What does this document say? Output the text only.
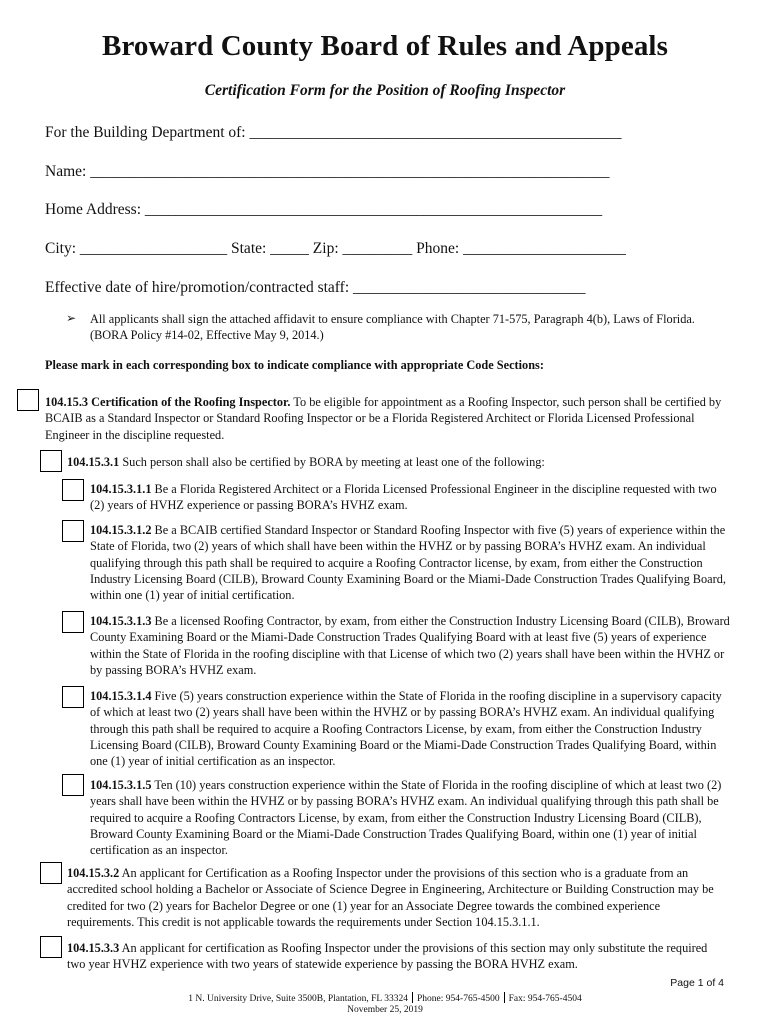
Broward County Board of Rules and Appeals
Certification Form for the Position of Roofing Inspector
For the Building Department of: ________________________________________________
Name: ___________________________________________________________________
Home Address: ___________________________________________________________
City: ___________________ State: _____ Zip: _________ Phone: _____________________
Effective date of hire/promotion/contracted staff: ______________________________
➢ All applicants shall sign the attached affidavit to ensure compliance with Chapter 71-575, Paragraph 4(b), Laws of Florida. (BORA Policy #14-02, Effective May 9, 2014.)
Please mark in each corresponding box to indicate compliance with appropriate Code Sections:
104.15.3 Certification of the Roofing Inspector. To be eligible for appointment as a Roofing Inspector, such person shall be certified by BCAIB as a Standard Inspector or Standard Roofing Inspector or be a Florida Registered Architect or Florida Licensed Professional Engineer in the discipline requested.
104.15.3.1 Such person shall also be certified by BORA by meeting at least one of the following:
104.15.3.1.1 Be a Florida Registered Architect or a Florida Licensed Professional Engineer in the discipline requested with two (2) years of HVHZ experience or passing BORA’s HVHZ exam.
104.15.3.1.2 Be a BCAIB certified Standard Inspector or Standard Roofing Inspector with five (5) years of experience within the State of Florida, two (2) years of which shall have been within the HVHZ or by passing BORA’s HVHZ exam. An individual qualifying through this path shall be required to acquire a Roofing Contractor license, by exam, from either the Construction Industry Licensing Board (CILB), Broward County Examining Board or the Miami-Dade Construction Trades Qualifying Board, within one (1) year of initial certification.
104.15.3.1.3 Be a licensed Roofing Contractor, by exam, from either the Construction Industry Licensing Board (CILB), Broward County Examining Board or the Miami-Dade Construction Trades Qualifying Board with at least five (5) years of experience within the State of Florida in the roofing discipline with that License of which two (2) years shall have been within the HVHZ or by passing BORA’s HVHZ exam.
104.15.3.1.4 Five (5) years construction experience within the State of Florida in the roofing discipline in a supervisory capacity of which at least two (2) years shall have been within the HVHZ or by passing BORA’s HVHZ exam. An individual qualifying through this path shall be required to acquire a Roofing Contractors License, by exam, from either the Construction Industry Licensing Board (CILB), Broward County Examining Board or the Miami-Dade Construction Trades Qualifying Board, within one (1) year of initial certification as an inspector.
104.15.3.1.5 Ten (10) years construction experience within the State of Florida in the roofing discipline of which at least two (2) years shall have been within the HVHZ or by passing BORA’s HVHZ exam. An individual qualifying through this path shall be required to acquire a Roofing Contractors License, by exam, from either the Construction Industry Licensing Board (CILB), Broward County Examining Board or the Miami-Dade Construction Trades Qualifying Board, within one (1) year of initial certification as an inspector.
104.15.3.2 An applicant for Certification as a Roofing Inspector under the provisions of this section who is a graduate from an accredited school holding a Bachelor or Associate of Science Degree in Engineering, Architecture or Building Construction may be credited for two (2) years for Bachelor Degree or one (1) year for an Associate Degree towards the combined experience requirements. This credit is not applicable towards the requirements under Section 104.15.3.1.1.
104.15.3.3 An applicant for certification as Roofing Inspector under the provisions of this section may only substitute the required two year HVHZ experience with two years of statewide experience by passing the BORA HVHZ exam.
Page 1 of 4
1 N. University Drive, Suite 3500B, Plantation, FL 33324 Phone: 954-765-4500 Fax: 954-765-4504
November 25, 2019
